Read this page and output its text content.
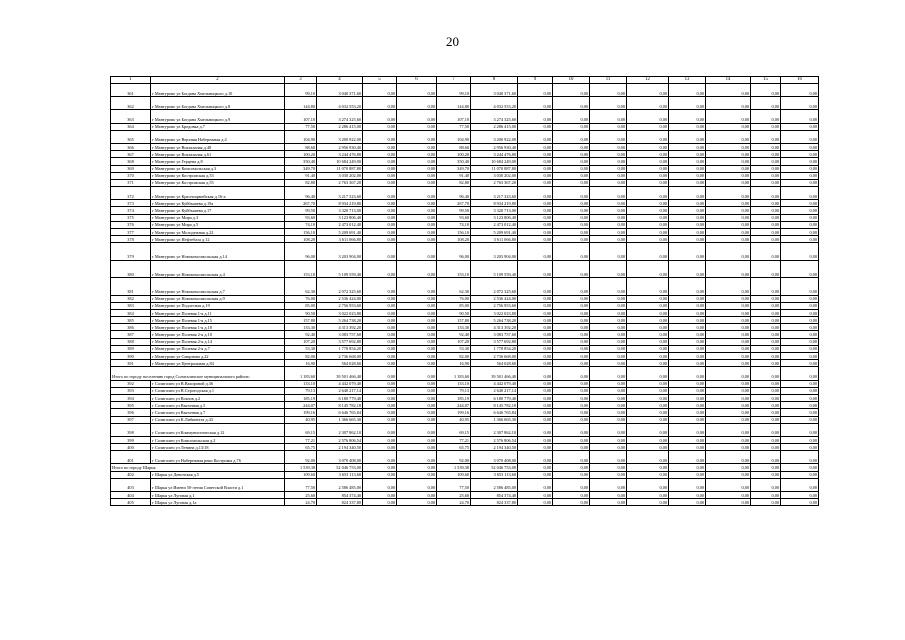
20
1	2	3	4	5	6	7	8	9	10	11	12	13	14	15	16
361	г Мантурово ул Богдана Хмельницкого д.10	99,10	3 040 371,60	0,00	0,00	99,10	3 040 371,60	0,00	0,00	0,00	0,00	0,00	0,00	0,00	0,00
362	г Мантурово ул Богдана Хмельницкого д.8	144,80	4 032 553,20	0,00	0,00	144,80	4 032 553,20	0,00	0,00	0,00	0,00	0,00	0,00	0,00	0,00
363	г Мантурово ул Богдана Хмельницкого д.9	107,10	3 274 325,60	0,00	0,00	107,10	3 274 325,60	0,00	0,00	0,00	0,00	0,00	0,00	0,00	0,00
364	г Мантурово ул Бродовка д.7	77,50	2 286 415,00	0,00	0,00	77,50	2 286 415,00	0,00	0,00	0,00	0,00	0,00	0,00	0,00	0,00
365	г Мантурово ул Верхняя Набережная д.4	104,90	3 200 922,00	0,00	0,00	104,90	3 200 922,00	0,00	0,00	0,00	0,00	0,00	0,00	0,00	0,00
366	г Мантурово ул Вокзальная д.48	88,60	2 956 930,40	0,00	0,00	88,60	2 956 930,40	0,00	0,00	0,00	0,00	0,00	0,00	0,00	0,00
367	г Мантурово ул Вокзальная д.61	100,20	3 244 476,80	0,00	0,00	100,20	3 244 476,80	0,00	0,00	0,00	0,00	0,00	0,00	0,00	0,00
368	г Мантурово ул Герцена д.8	350,40	10 684 249,00	0,00	0,00	350,40	10 684 249,00	0,00	0,00	0,00	0,00	0,00	0,00	0,00	0,00
369	г Мантурово ул Комсомольская д.3	349,70	11 070 887,80	0,00	0,00	349,70	11 070 887,80	0,00	0,00	0,00	0,00	0,00	0,00	0,00	0,00
370	г Мантурово ул Костромская д.53	91,40	3 030 202,00	0,00	0,00	91,40	3 030 202,00	0,00	0,00	0,00	0,00	0,00	0,00	0,00	0,00
371	г Мантурово ул Костромская д.55	82,80	2 763 367,20	0,00	0,00	82,80	2 763 367,20	0,00	0,00	0,00	0,00	0,00	0,00	0,00	0,00
372	г Мантурово ул Красноармейская д.16-а	96,40	3 217 323,60	0,00	0,00	96,40	3 217 323,60	0,00	0,00	0,00	0,00	0,00	0,00	0,00	0,00
373	г Мантурово ул Куйбышева д.19а	267,70	8 934 219,80	0,00	0,00	267,70	8 934 219,80	0,00	0,00	0,00	0,00	0,00	0,00	0,00	0,00
374	г Мантурово ул Куйбышева д.17	99,50	3 320 713,00	0,00	0,00	99,50	3 320 713,00	0,00	0,00	0,00	0,00	0,00	0,00	0,00	0,00
375	г Мантурово ул Мира д.3	93,60	3 123 806,40	0,00	0,00	93,60	3 123 806,40	0,00	0,00	0,00	0,00	0,00	0,00	0,00	0,00
376	г Мантурово ул Мира д.5	74,10	2 473 012,40	0,00	0,00	74,10	2 473 012,40	0,00	0,00	0,00	0,00	0,00	0,00	0,00	0,00
377	г Мантурово ул Молодежная д.22	156,10	5 209 691,40	0,00	0,00	156,10	5 209 691,40	0,00	0,00	0,00	0,00	0,00	0,00	0,00	0,00
378	г Мантурово ул Нефтебаза д.12	108,20	3 611 066,80	0,00	0,00	108,20	3 611 066,80	0,00	0,00	0,00	0,00	0,00	0,00	0,00	0,00
379	г Мантурово ул Новокомсомольская д.14	96,00	3 203 904,00	0,00	0,00	96,00	3 203 904,00	0,00	0,00	0,00	0,00	0,00	0,00	0,00	0,00
380	г Мантурово ул Новокомсомольская д.4	153,10	5 109 559,40	0,00	0,00	153,10	5 109 559,40	0,00	0,00	0,00	0,00	0,00	0,00	0,00	0,00
381	г Мантурово ул Новокомсомольская д.7	62,30	2 072 325,60	0,00	0,00	62,30	2 072 325,60	0,00	0,00	0,00	0,00	0,00	0,00	0,00	0,00
382	г Мантурово ул Новокомсомольская д.9	76,00	2 536 424,00	0,00	0,00	76,00	2 536 424,00	0,00	0,00	0,00	0,00	0,00	0,00	0,00	0,00
383	г Мантурово ул Подлесная д.19	85,00	2 756 953,60	0,00	0,00	85,00	2 756 953,60	0,00	0,00	0,00	0,00	0,00	0,00	0,00	0,00
384	г Мантурово ул Полевая 1-я д.11	90,50	3 022 023,80	0,00	0,00	90,50	3 022 023,80	0,00	0,00	0,00	0,00	0,00	0,00	0,00	0,00
385	г Мантурово ул Полевая 1-я д.15	157,80	5 264 738,20	0,00	0,00	157,80	5 264 738,20	0,00	0,00	0,00	0,00	0,00	0,00	0,00	0,00
386	г Мантурово ул Полевая 1-я д.18	133,30	4 313 392,20	0,00	0,00	133,30	4 313 392,20	0,00	0,00	0,00	0,00	0,00	0,00	0,00	0,00
387	г Мантурово ул Полевая 2-я д.10	92,40	3 083 757,60	0,00	0,00	92,40	3 083 757,60	0,00	0,00	0,00	0,00	0,00	0,00	0,00	0,00
388	г Мантурово ул Полевая 2-я д.14	107,20	3 577 692,80	0,00	0,00	107,20	3 577 692,80	0,00	0,00	0,00	0,00	0,00	0,00	0,00	0,00
389	г Мантурово ул Полевая 2-я д.7	53,30	1 778 854,20	0,00	0,00	53,30	1 778 854,20	0,00	0,00	0,00	0,00	0,00	0,00	0,00	0,00
390	г Мантурово ул Смирнова д.22	82,00	2 736 668,00	0,00	0,00	82,00	2 736 668,00	0,00	0,00	0,00	0,00	0,00	0,00	0,00	0,00
391	г Мантурово ул Центральная д.84	16,90	564 028,60	0,00	0,00	16,90	564 028,60	0,00	0,00	0,00	0,00	0,00	0,00	0,00	0,00
Итого по городу поселению город Солигаличское муниципального района:		1 183,60	39 501 466,40	0,00	0,00	1 183,60	39 501 466,40	0,00	0,00	0,00	0,00	0,00	0,00	0,00	0,00
392	г Солигалич ул В.Вахоровой д.36	133,10	4 442 079,40	0,00	0,00	133,10	4 442 079,40	0,00	0,00	0,00	0,00	0,00	0,00	0,00	0,00
393	г Солигалич ул В.Серогодская д.1	79,13	2 640 217,14	0,00	0,00	79,13	2 640 217,14	0,00	0,00	0,00	0,00	0,00	0,00	0,00	0,00
394	г Солигалич ул Вокзов д.2	185,19	6 180 779,40	0,00	0,00	185,19	6 180 779,40	0,00	0,00	0,00	0,00	0,00	0,00	0,00	0,00
395	г Солигалич ул Выгонная д.5	244,07	8 145 782,18	0,00	0,00	244,07	8 145 782,18	0,00	0,00	0,00	0,00	0,00	0,00	0,00	0,00
396	г Солигалич ул Выгонная д.7	199,16	6 646 765,84	0,00	0,00	199,16	6 646 765,84	0,00	0,00	0,00	0,00	0,00	0,00	0,00	0,00
397	г Солигалич ул К.Либкнехта д.43	40,95	1 366 665,30	0,00	0,00	40,95	1 366 665,30	0,00	0,00	0,00	0,00	0,00	0,00	0,00	0,00
398	г Солигалич ул Коммунистическая д.12	69,15	2 307 862,10	0,00	0,00	69,15	2 307 862,10	0,00	0,00	0,00	0,00	0,00	0,00	0,00	0,00
399	г Солигалич ул Комсомольская д.2	77,21	2 576 806,54	0,00	0,00	77,21	2 576 806,54	0,00	0,00	0,00	0,00	0,00	0,00	0,00	0,00
400	г Солигалич ул Ленина д.13/18	65,75	2 194 340,50	0,00	0,00	65,75	2 194 340,50	0,00	0,00	0,00	0,00	0,00	0,00	0,00	0,00
401	г Солигалич ул Набережная реки Костромы д.76	92,00	3 070 408,00	0,00	0,00	92,00	3 070 408,00	0,00	0,00	0,00	0,00	0,00	0,00	0,00	0,00
Итого по городу Шарья:		1 539,38	52 046 753,00	0,00	0,00	1 539,38	52 046 753,00	0,00	0,00	0,00	0,00	0,00	0,00	0,00	0,00
402	г Шарья ул Девонская д.5	109,60	3 653 113,60	0,00	0,00	109,60	3 653 113,60	0,00	0,00	0,00	0,00	0,00	0,00	0,00	0,00
403	г Шарья ул Имени 50-летия Советской Власти д.1	77,50	2 586 485,00	0,00	0,00	77,50	2 586 485,00	0,00	0,00	0,00	0,00	0,00	0,00	0,00	0,00
404	г Шарья ул Луговая д.1	25,60	854 374,40	0,00	0,00	25,60	854 374,40	0,00	0,00	0,00	0,00	0,00	0,00	0,00	0,00
405	г Шарья ул Луговая д.1а	24,70	824 337,80	0,00	0,00	24,70	824 337,80	0,00	0,00	0,00	0,00	0,00	0,00	0,00	0,00
